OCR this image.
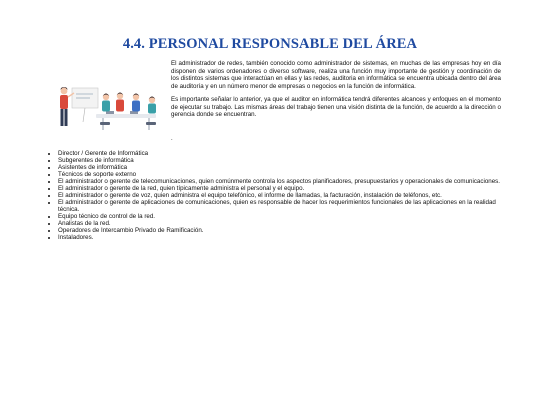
4.4. PERSONAL RESPONSABLE DEL ÁREA

El administrador de redes, también conocido como administrador de sistemas, en muchas de las empresas hoy en día disponen de varios ordenadores o diverso software, realiza una función muy importante de gestión y coordinación de los distintos sistemas que interactúan en ellas y las redes, auditoria en informática se encuentra ubicada dentro del área de auditoría y en un número menor de empresas o negocios en la función de informática.

Es importante señalar lo anterior, ya que el auditor en informática tendrá diferentes alcances y enfoques en el momento de ejecutar su trabajo. Las mismas áreas del trabajo tienen una visión distinta de la función, de acuerdo a la dirección o gerencia donde se encuentran.

.
• Director / Gerente de Informática
• Subgerentes de informática
• Asistentes de informática
• Técnicos de soporte externo
• El administrador o gerente de telecomunicaciones, quien comúnmente controla los aspectos planificadores, presupuestarios y operacionales de comunicaciones.
• El administrador o gerente de la red, quien típicamente administra el personal y el equipo.
• El administrador o gerente de voz, quien administra el equipo telefónico, el informe de llamadas, la facturación, instalación de teléfonos, etc.
• El administrador o gerente de aplicaciones de comunicaciones, quien es responsable de hacer los requerimientos funcionales de las aplicaciones en la realidad técnica.
• Equipo técnico de control de la red.
• Analistas de la red.
• Operadores de Intercambio Privado de Ramificación.
• Instaladores.
